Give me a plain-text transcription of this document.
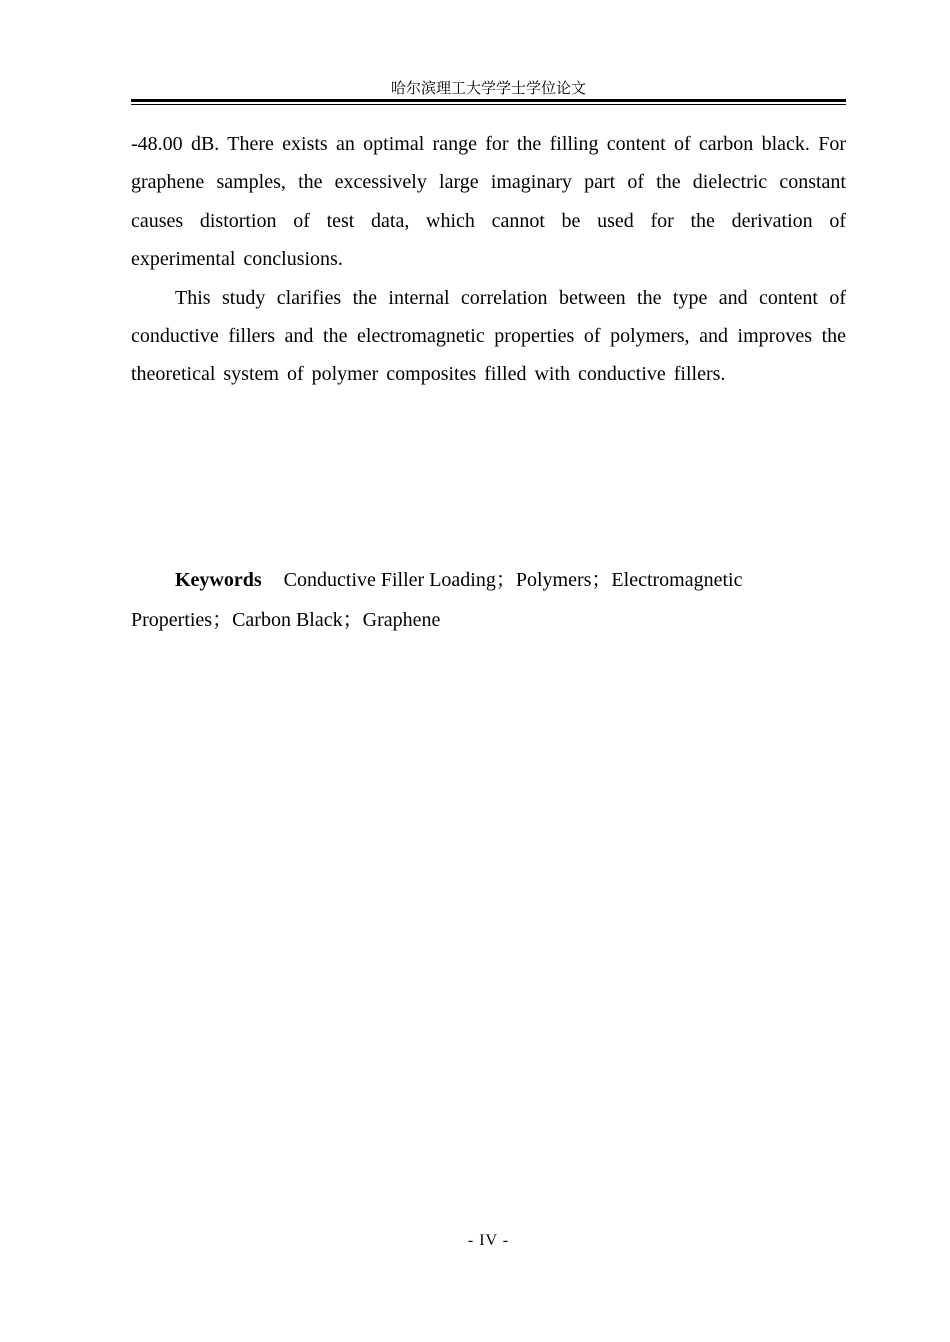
哈尔滨理工大学学士学位论文

-48.00 dB. There exists an optimal range for the filling content of carbon black. For graphene samples, the excessively large imaginary part of the dielectric constant causes distortion of test data, which cannot be used for the derivation of experimental conclusions.

This study clarifies the internal correlation between the type and content of conductive fillers and the electromagnetic properties of polymers, and improves the theoretical system of polymer composites filled with conductive fillers.

Keywords Conductive Filler Loading；Polymers；Electromagnetic Properties；Carbon Black；Graphene
- IV -
